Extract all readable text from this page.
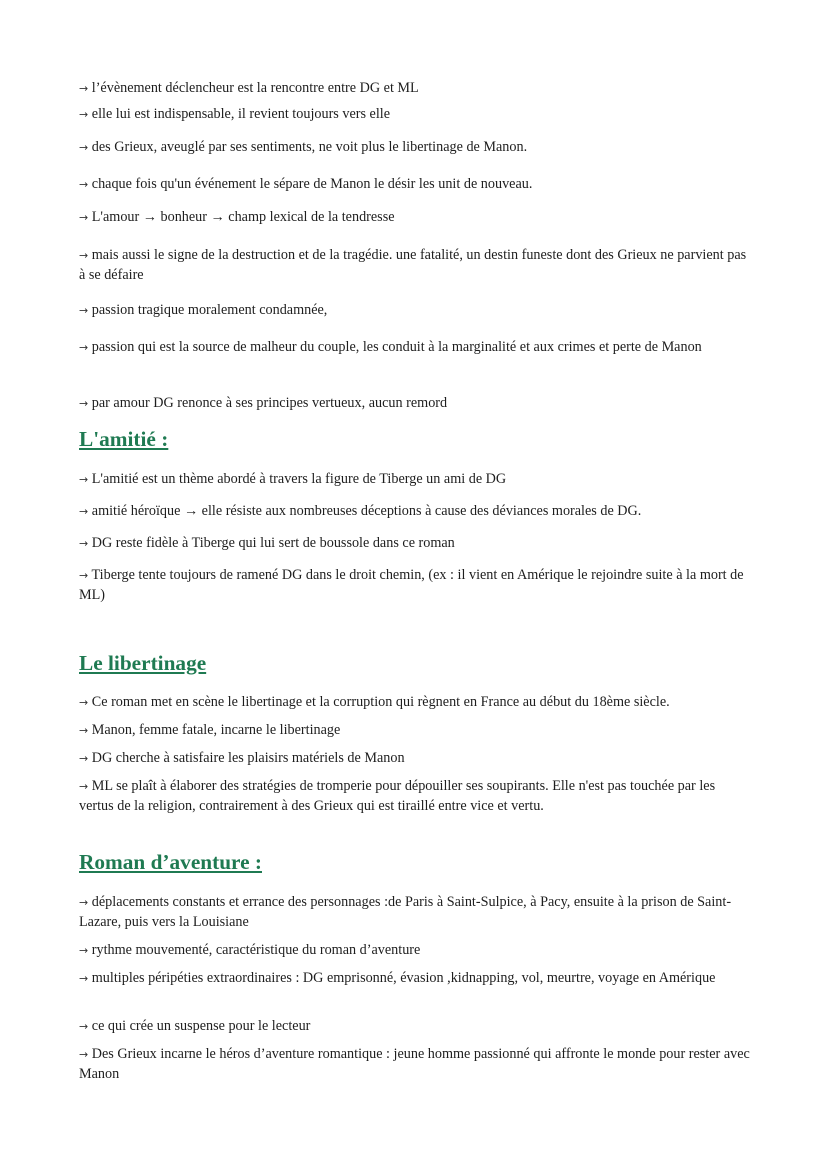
→ l’évènement déclencheur est la rencontre entre DG et ML

→ elle lui est indispensable, il revient toujours vers elle

→ des Grieux, aveuglé par ses sentiments, ne voit plus le libertinage de Manon.

→ chaque fois qu'un événement le sépare de Manon le désir les unit de nouveau.

→ L'amour → bonheur → champ lexical de la tendresse

→ mais aussi le signe de la destruction et de la tragédie. une fatalité, un destin funeste dont des Grieux ne parvient pas à se défaire

→ passion tragique moralement condamnée,

→ passion qui est la source de malheur du couple, les conduit à la marginalité et aux crimes et perte de Manon

→ par amour DG renonce à ses principes vertueux, aucun remord

L'amitié :

→ L'amitié est un thème abordé à travers la figure de Tiberge un ami de DG

→ amitié héroïque → elle résiste aux nombreuses déceptions à cause des déviances morales de DG.

→ DG reste fidèle à Tiberge qui lui sert de boussole dans ce roman

→ Tiberge tente toujours de ramené DG dans le droit chemin, (ex : il vient en Amérique le rejoindre suite à la mort de ML)

Le libertinage

→ Ce roman met en scène le libertinage et la corruption qui règnent en France au début du 18ème siècle.

→ Manon, femme fatale, incarne le libertinage

→ DG cherche à satisfaire les plaisirs matériels de Manon

→ ML se plaît à élaborer des stratégies de tromperie pour dépouiller ses soupirants. Elle n'est pas touchée par les vertus de la religion, contrairement à des Grieux qui est tiraillé entre vice et vertu.

Roman d’aventure :

→ déplacements constants et errance des personnages :de Paris à Saint-Sulpice, à Pacy, ensuite à la prison de Saint-Lazare, puis vers la Louisiane

→ rythme mouvementé, caractéristique du roman d’aventure

→ multiples péripéties extraordinaires : DG emprisonné, évasion ,kidnapping, vol, meurtre, voyage en Amérique

→ ce qui crée un suspense pour le lecteur

→ Des Grieux incarne le héros d’aventure romantique : jeune homme passionné qui affronte le monde pour rester avec Manon
